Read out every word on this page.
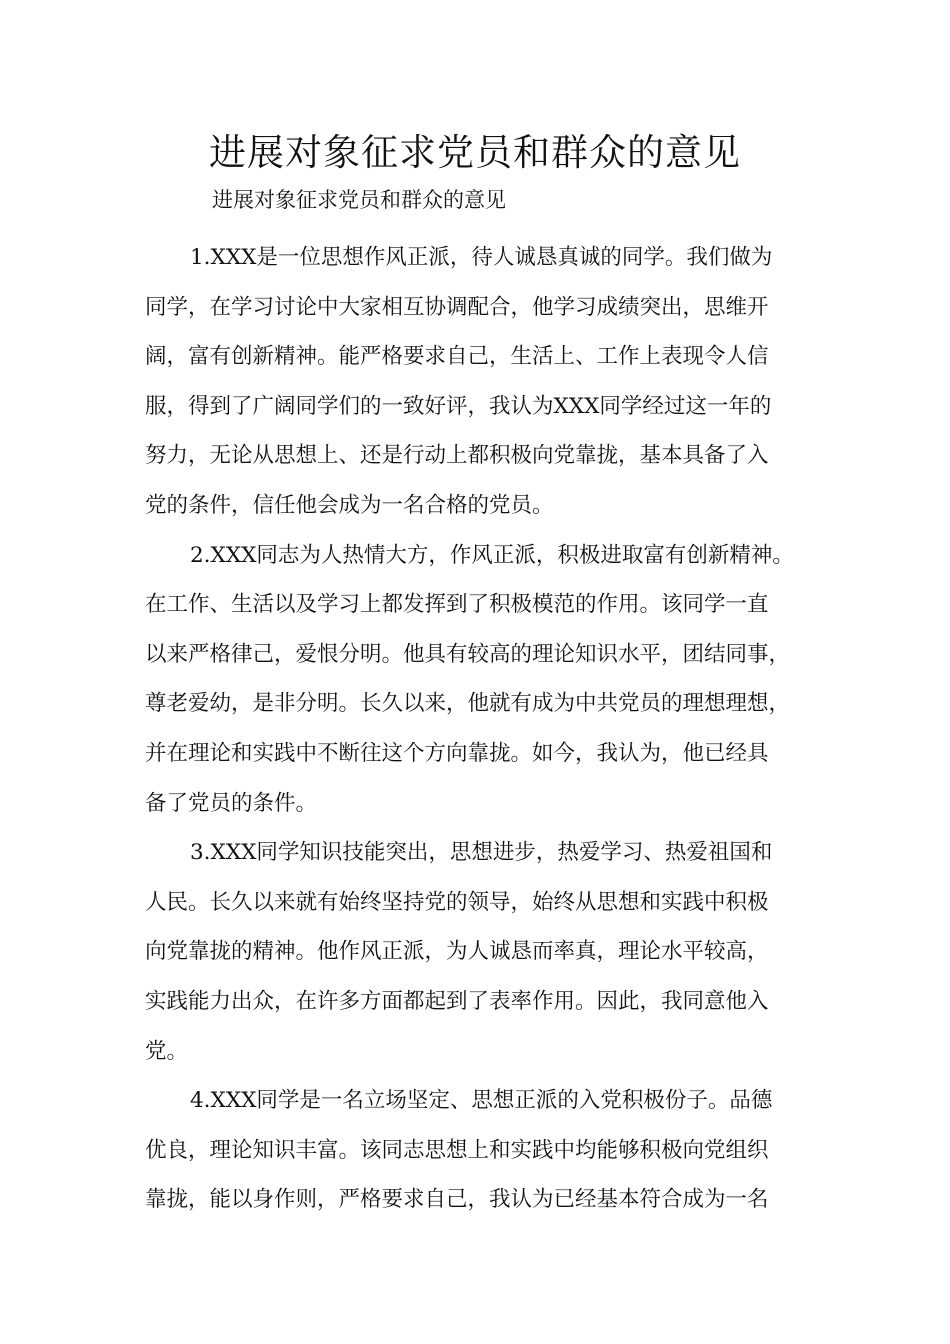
进展对象征求党员和群众的意见

进展对象征求党员和群众的意见

1.XXX是一位思想作风正派，待人诚恳真诚的同学。我们做为
同学，在学习讨论中大家相互协调配合，他学习成绩突出，思维开
阔，富有创新精神。能严格要求自己，生活上、工作上表现令人信
服，得到了广阔同学们的一致好评，我认为XXX同学经过这一年的
努力，无论从思想上、还是行动上都积极向党靠拢，基本具备了入
党的条件，信任他会成为一名合格的党员。
2.XXX同志为人热情大方，作风正派，积极进取富有创新精神。
在工作、生活以及学习上都发挥到了积极模范的作用。该同学一直
以来严格律己，爱恨分明。他具有较高的理论知识水平，团结同事，
尊老爱幼，是非分明。长久以来，他就有成为中共党员的理想理想，
并在理论和实践中不断往这个方向靠拢。如今，我认为，他已经具
备了党员的条件。
3.XXX同学知识技能突出，思想进步，热爱学习、热爱祖国和
人民。长久以来就有始终坚持党的领导，始终从思想和实践中积极
向党靠拢的精神。他作风正派，为人诚恳而率真，理论水平较高，
实践能力出众，在许多方面都起到了表率作用。因此，我同意他入
党。
4.XXX同学是一名立场坚定、思想正派的入党积极份子。品德
优良，理论知识丰富。该同志思想上和实践中均能够积极向党组织
靠拢，能以身作则，严格要求自己，我认为已经基本符合成为一名
